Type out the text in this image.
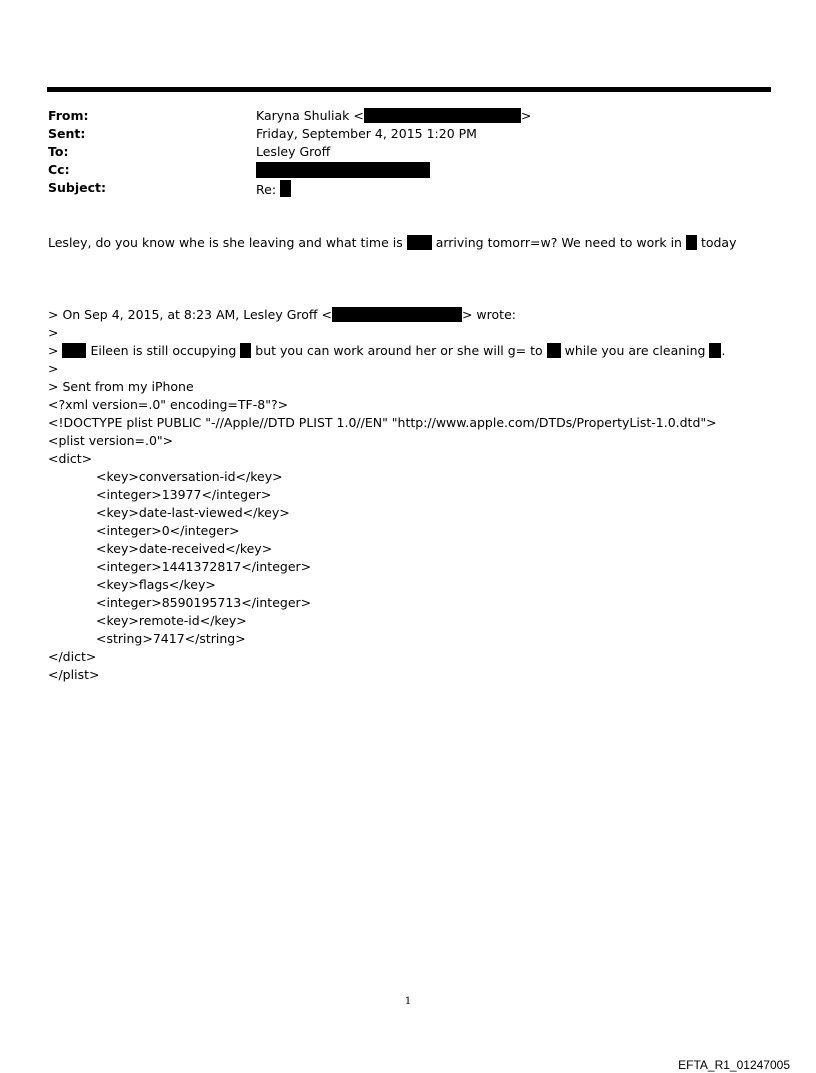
From:	Karyna Shuliak <	>
Sent:	Friday, September 4, 2015 1:20 PM
To:	Lesley Groff
Cc:
Subject:	Re:
Lesley, do you know whe is she leaving and what time is	arriving tomorr=w? We need to work in today
> On Sep 4, 2015, at 8:23 AM, Lesley Groff <	> wrote:
>
>	Eileen is still occupying but you can work around her or she will g= to while you are cleaning .
>
> Sent from my iPhone
<?xml version=.0" encoding=TF-8"?>
<!DOCTYPE plist PUBLIC "-//Apple//DTD PLIST 1.0//EN" "http://www.apple.com/DTDs/PropertyList-1.0.dtd">
<plist version=.0">
<dict>
<key>conversation-id</key>
<integer>13977</integer>
<key>date-last-viewed</key>
<integer>0</integer>
<key>date-received</key>
<integer>1441372817</integer>
<key>flags</key>
<integer>8590195713</integer>
<key>remote-id</key>
<string>7417</string>
</dict>
</plist>
1
EFTA_R1_01247005
